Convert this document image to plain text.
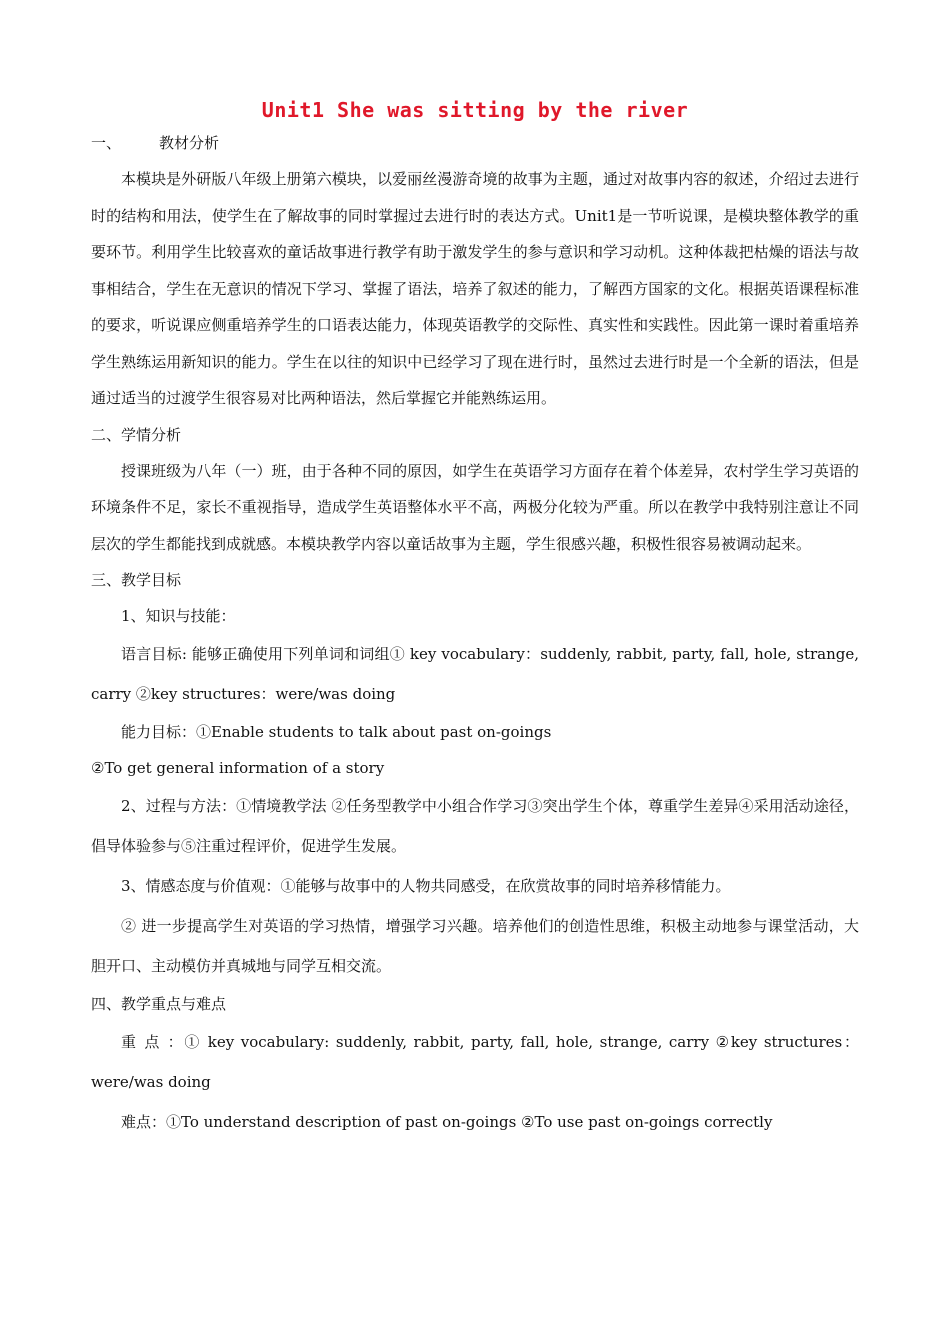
Unit1 She was sitting by the river
一、	教材分析

本模块是外研版八年级上册第六模块，以爱丽丝漫游奇境的故事为主题，通过对故事内容的叙述，介绍过去进行时的结构和用法，使学生在了解故事的同时掌握过去进行时的表达方式。Unit1是一节听说课，是模块整体教学的重要环节。利用学生比较喜欢的童话故事进行教学有助于激发学生的参与意识和学习动机。这种体裁把枯燥的语法与故事相结合，学生在无意识的情况下学习、掌握了语法，培养了叙述的能力，了解西方国家的文化。根据英语课程标准的要求，听说课应侧重培养学生的口语表达能力，体现英语教学的交际性、真实性和实践性。因此第一课时着重培养学生熟练运用新知识的能力。学生在以往的知识中已经学习了现在进行时，虽然过去进行时是一个全新的语法，但是通过适当的过渡学生很容易对比两种语法，然后掌握它并能熟练运用。

二、学情分析

授课班级为八年（一）班，由于各种不同的原因，如学生在英语学习方面存在着个体差异，农村学生学习英语的环境条件不足，家长不重视指导，造成学生英语整体水平不高，两极分化较为严重。所以在教学中我特别注意让不同层次的学生都能找到成就感。本模块教学内容以童话故事为主题，学生很感兴趣，积极性很容易被调动起来。

三、教学目标
1、知识与技能：

语言目标: 能够正确使用下列单词和词组① key vocabulary：suddenly, rabbit, party, fall, hole, strange, carry ②key structures：were/was doing

能力目标：①Enable students to talk about past on-goings
②To get general information of a story

2、过程与方法：①情境教学法 ②任务型教学中小组合作学习③突出学生个体，尊重学生差异④采用活动途径，倡导体验参与⑤注重过程评价，促进学生发展。

3、情感态度与价值观：①能够与故事中的人物共同感受，在欣赏故事的同时培养移情能力。

② 进一步提高学生对英语的学习热情，增强学习兴趣。培养他们的创造性思维，积极主动地参与课堂活动，大胆开口、主动模仿并真城地与同学互相交流。

四、教学重点与难点

重 点 ：① key vocabulary: suddenly, rabbit, party, fall, hole, strange, carry ②key structures：were/was doing

难点：①To understand description of past on-goings ②To use past on-goings correctly
